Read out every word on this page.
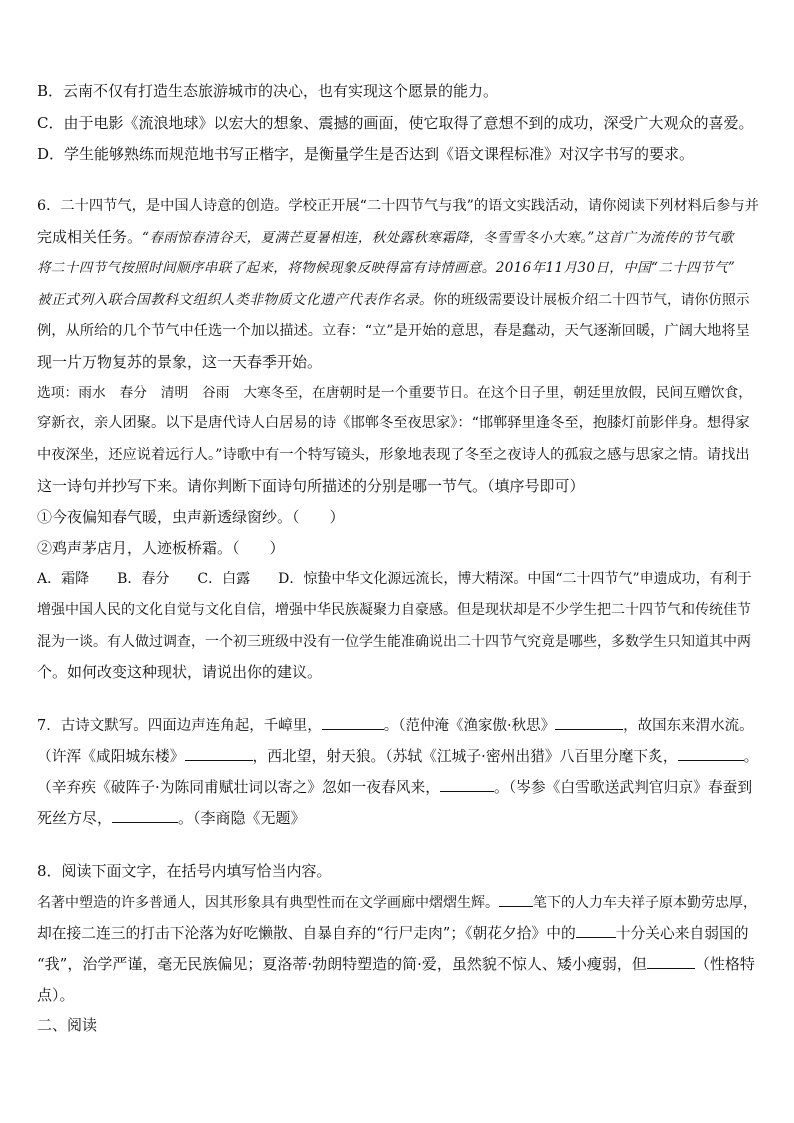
B．云南不仅有打造生态旅游城市的决心，也有实现这个愿景的能力。
C．由于电影《流浪地球》以宏大的想象、震撼的画面，使它取得了意想不到的成功，深受广大观众的喜爱。
D．学生能够熟练而规范地书写正楷字，是衡量学生是否达到《语文课程标准》对汉字书写的要求。
6．二十四节气，是中国人诗意的创造。学校正开展“二十四节气与我”的语文实践活动，请你阅读下列材料后参与并
完成相关任务。“春雨惊春清谷天，夏满芒夏暑相连，秋处露秋寒霜降，冬雪雪冬小大寒。”这首广为流传的节气歌
将二十四节气按照时间顺序串联了起来，将物候现象反映得富有诗情画意。2016年11月30日，中国“二十四节气”
被正式列入联合国教科文组织人类非物质文化遗产代表作名录。你的班级需要设计展板介绍二十四节气，请你仿照示
例，从所给的几个节气中任选一个加以描述。立春：“立”是开始的意思，春是蠢动，天气逐渐回暖，广阔大地将呈
现一片万物复苏的景象，这一天春季开始。
选项：雨水　春分　清明　谷雨　大寒冬至，在唐朝时是一个重要节日。在这个日子里，朝廷里放假，民间互赠饮食，
穿新衣，亲人团聚。以下是唐代诗人白居易的诗《邯郸冬至夜思家》：“邯郸驿里逢冬至，抱膝灯前影伴身。想得家
中夜深坐，还应说着远行人。”诗歌中有一个特写镜头，形象地表现了冬至之夜诗人的孤寂之感与思家之情。请找出
这一诗句并抄写下来。请你判断下面诗句所描述的分别是哪一节气。（填序号即可）
①今夜偏知春气暖，虫声新透绿窗纱。（　　）
②鸡声茅店月，人迹板桥霜。（　　）
A．霜降　　B．春分　　C．白露　　D．惊蛰中华文化源远流长，博大精深。中国“二十四节气”申遗成功，有利于
增强中国人民的文化自觉与文化自信，增强中华民族凝聚力自豪感。但是现状却是不少学生把二十四节气和传统佳节
混为一谈。有人做过调查，一个初三班级中没有一位学生能准确说出二十四节气究竟是哪些，多数学生只知道其中两
个。如何改变这种现状，请说出你的建议。
7．古诗文默写。四面边声连角起，千嶂里，	。（范仲淹《渔家傲·秋思》	，故国东来渭水流。
（许浑《咸阳城东楼》	，西北望，射天狼。（苏轼《江城子·密州出猎》八百里分麾下炙，	。
（辛弃疾《破阵子·为陈同甫赋壮词以寄之》忽如一夜春风来，	。（岑参《白雪歌送武判官归京》春蚕到
死丝方尽，	。（李商隐《无题》
8．阅读下面文字，在括号内填写恰当内容。
名著中塑造的许多普通人，因其形象具有典型性而在文学画廊中熠熠生辉。 笔下的人力车夫祥子原本勤劳忠厚，
却在接二连三的打击下沦落为好吃懒散、自暴自弃的“行尸走肉”；《朝花夕拾》中的	十分关心来自弱国的
“我”，治学严谨，毫无民族偏见；夏洛蒂·勃朗特塑造的简·爱，虽然貌不惊人、矮小瘦弱，但	（性格特
点）。
二、阅读
